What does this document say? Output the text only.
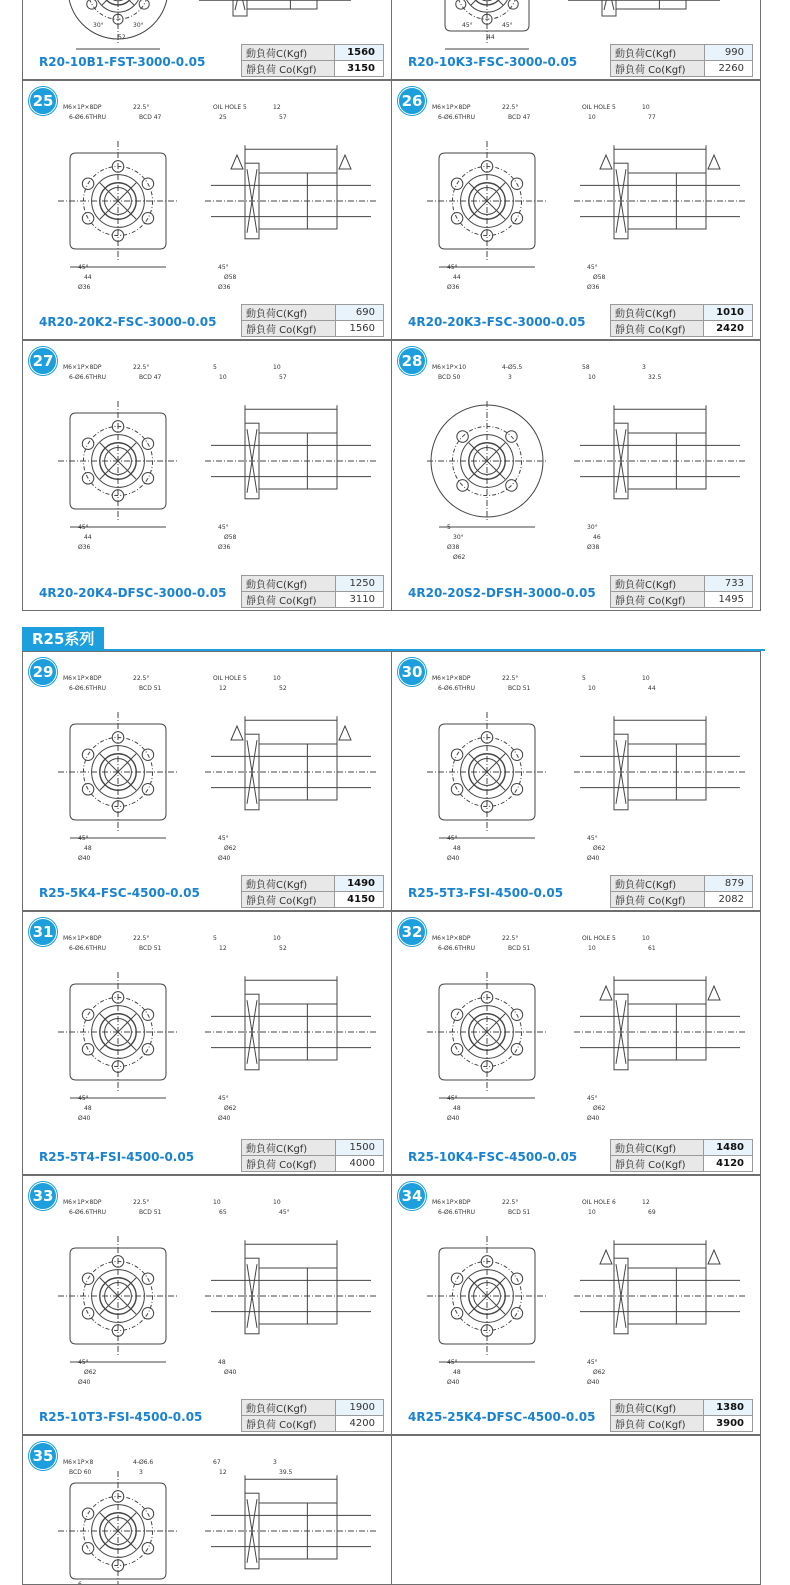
30°	30°
52
R20-10B1-FST-3000-0.05
動負荷C(Kgf)	1560
靜負荷 Co(Kgf)	3150
45°	45°
44
R20-10K3-FSC-3000-0.05
動負荷C(Kgf)	990
靜負荷 Co(Kgf)	2260
M6×1P×8DP	22.5°
6-Ø6.6THRU	BCD 47
OIL HOLE 5	12
25	57
45°	45°
44	Ø58
Ø36	Ø36
25
4R20-20K2-FSC-3000-0.05
動負荷C(Kgf)	690
靜負荷 Co(Kgf)	1560
M6×1P×8DP	22.5°
6-Ø6.6THRU	BCD 47
OIL HOLE 5	10
10	77
45°	45°
44	Ø58
Ø36	Ø36
26
4R20-20K3-FSC-3000-0.05
動負荷C(Kgf)	1010
靜負荷 Co(Kgf)	2420
M6×1P×8DP	22.5°
6-Ø6.6THRU	BCD 47
5	10
10	57
45°	45°
44	Ø58
Ø36	Ø36
27
4R20-20K4-DFSC-3000-0.05
動負荷C(Kgf)	1250
靜負荷 Co(Kgf)	3110
M6×1P×10	4-Ø5.5
BCD 50	3
58	3
10	32.5
5	30°
30°	46
Ø38	Ø38
Ø62
28
4R20-20S2-DFSH-3000-0.05
動負荷C(Kgf)	733
靜負荷 Co(Kgf)	1495
R25系列
M6×1P×8DP	22.5°
6-Ø6.6THRU	BCD 51
OIL HOLE 5	10
12	52
45°	45°
48	Ø62
Ø40	Ø40
29
R25-5K4-FSC-4500-0.05
動負荷C(Kgf)	1490
靜負荷 Co(Kgf)	4150
M6×1P×8DP	22.5°
6-Ø6.6THRU	BCD 51
5	10
10	44
45°	45°
48	Ø62
Ø40	Ø40
30
R25-5T3-FSI-4500-0.05
動負荷C(Kgf)	879
靜負荷 Co(Kgf)	2082
M6×1P×8DP	22.5°
6-Ø6.6THRU	BCD 51
5	10
12	52
45°	45°
48	Ø62
Ø40	Ø40
31
R25-5T4-FSI-4500-0.05
動負荷C(Kgf)	1500
靜負荷 Co(Kgf)	4000
M6×1P×8DP	22.5°
6-Ø6.6THRU	BCD 51
OIL HOLE 5	10
10	61
45°	45°
48	Ø62
Ø40	Ø40
32
R25-10K4-FSC-4500-0.05
動負荷C(Kgf)	1480
靜負荷 Co(Kgf)	4120
M6×1P×8DP	22.5°
6-Ø6.6THRU	BCD 51
10	10
65	45°
45°	48
Ø62	Ø40
Ø40
33
R25-10T3-FSI-4500-0.05
動負荷C(Kgf)	1900
靜負荷 Co(Kgf)	4200
M6×1P×8DP	22.5°
6-Ø6.6THRU	BCD 51
OIL HOLE 6	12
10	69
45°	45°
48	Ø62
Ø40	Ø40
34
4R25-25K4-DFSC-4500-0.05
動負荷C(Kgf)	1380
靜負荷 Co(Kgf)	3900
M6×1P×8	4-Ø6.6
BCD 60	3
67	3
12	39.5
6
35
